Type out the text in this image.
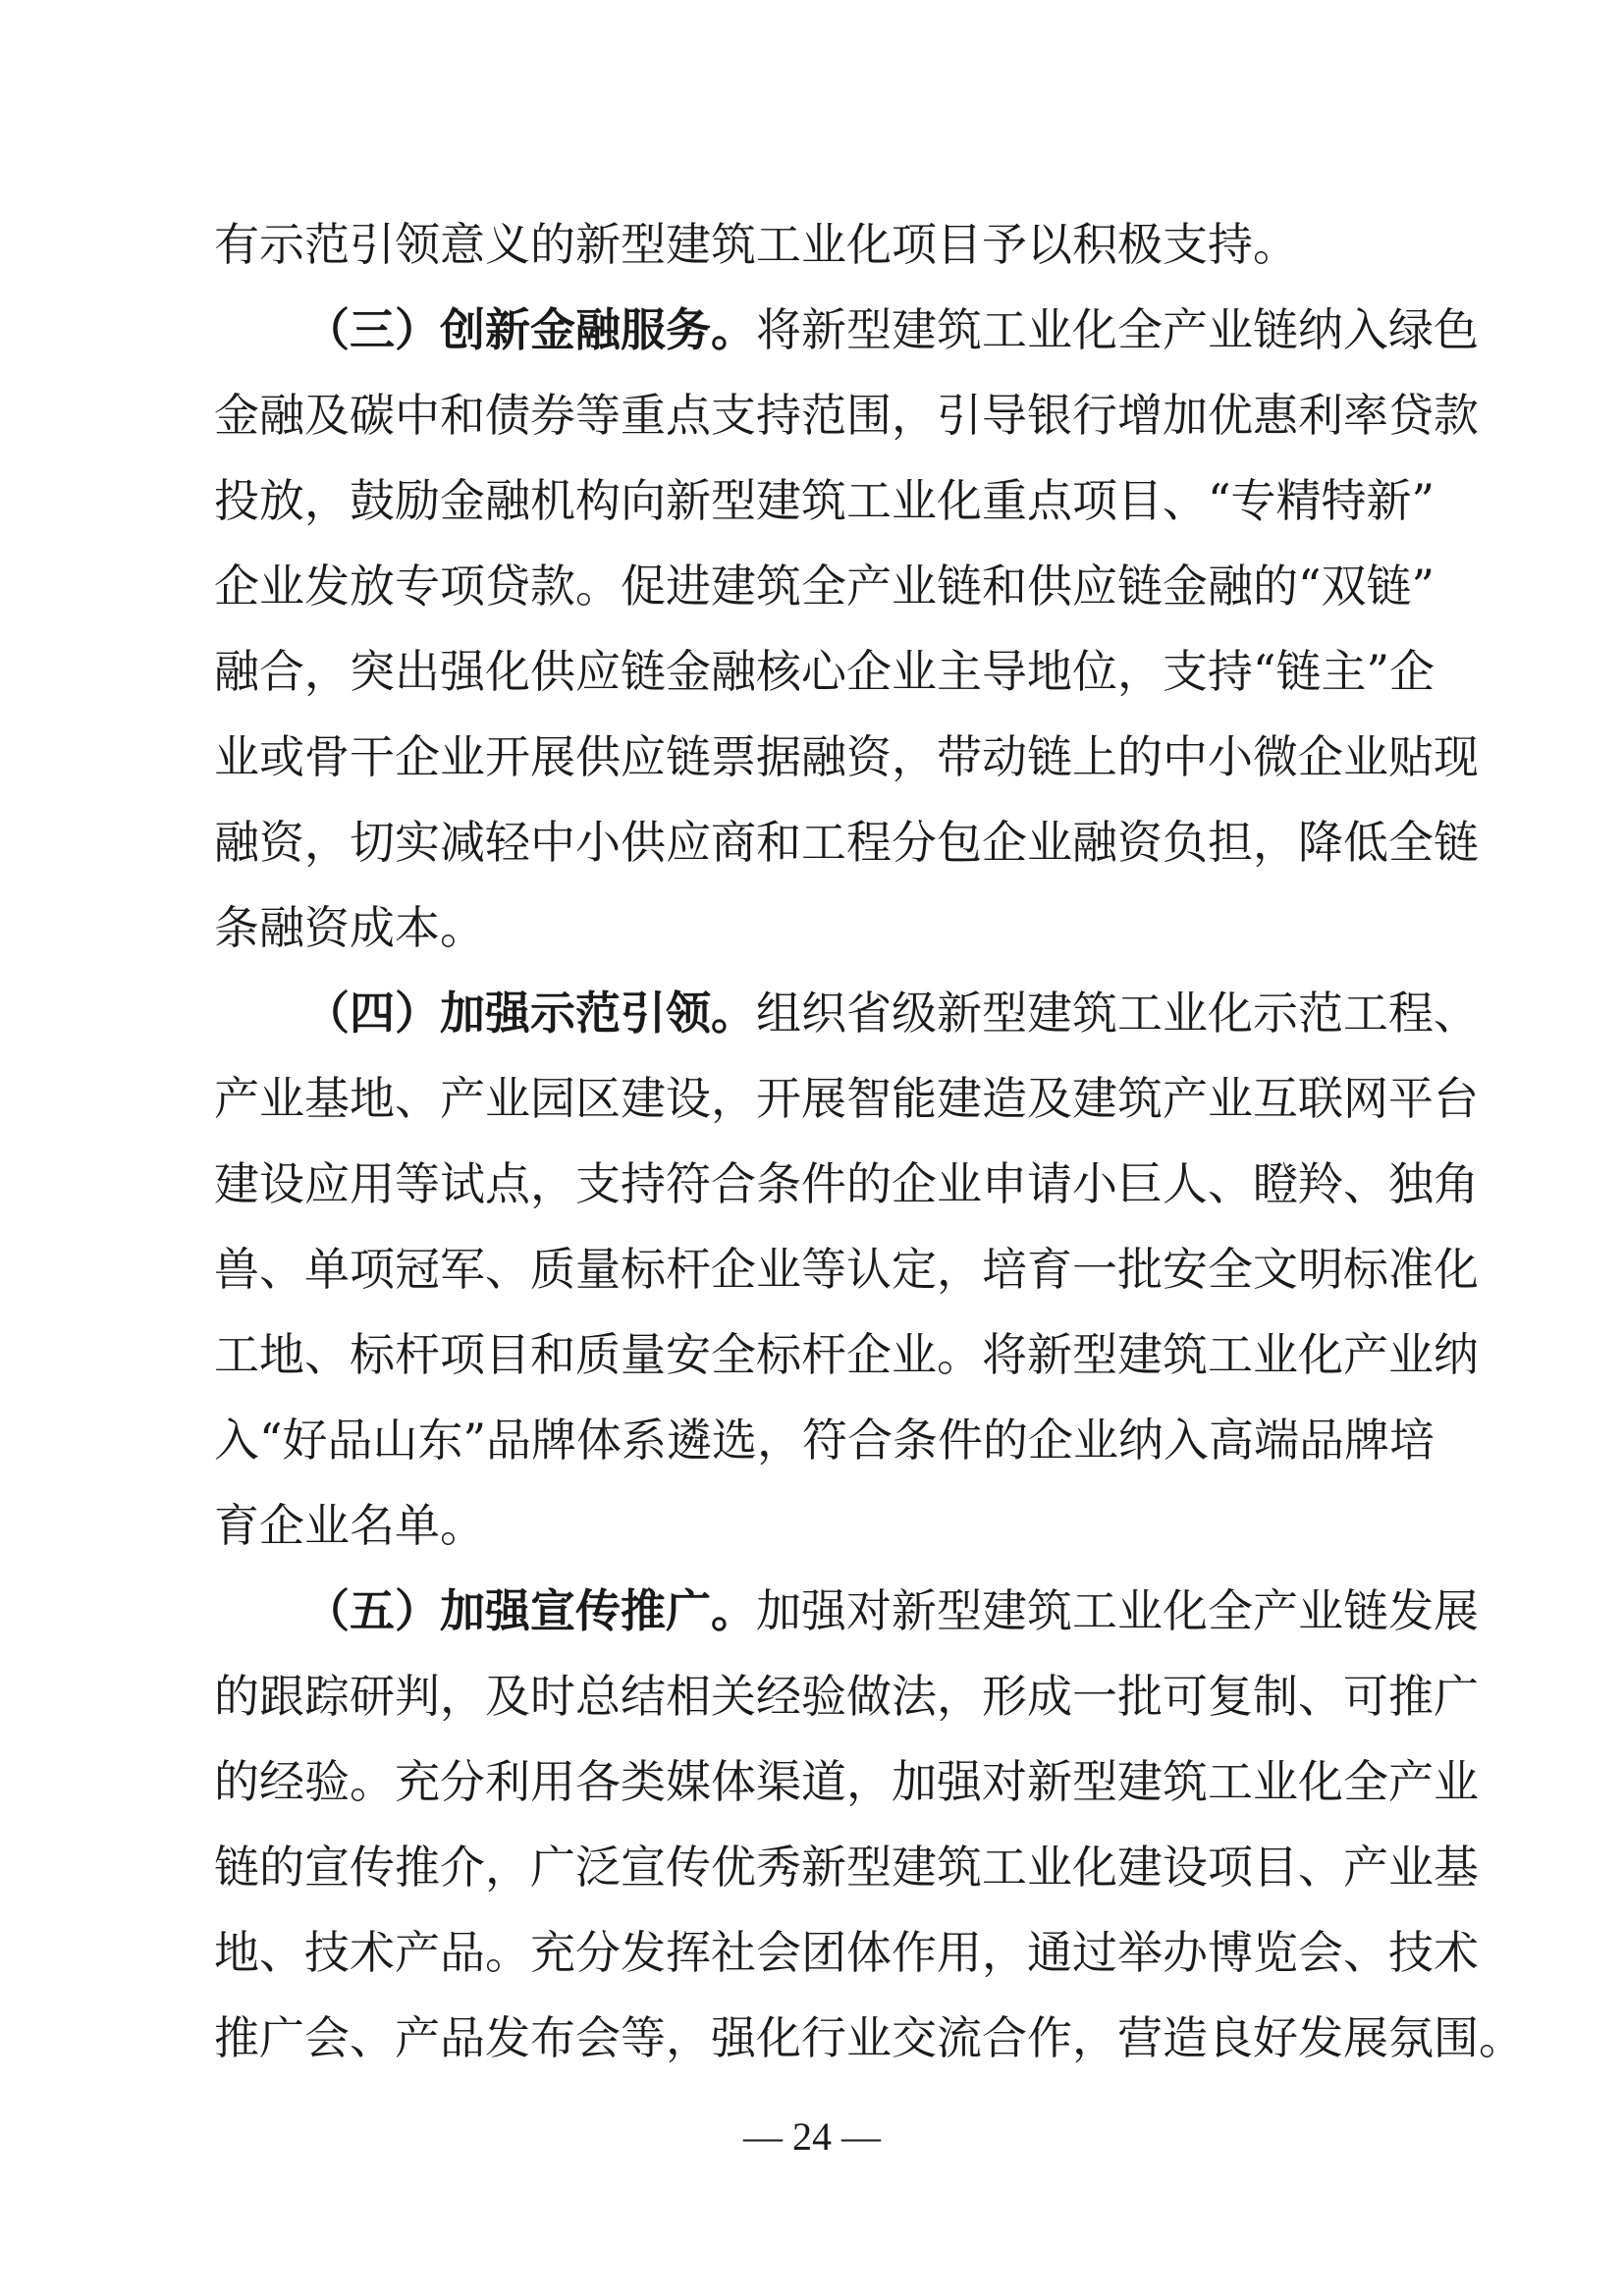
有示范引领意义的新型建筑工业化项目予以积极支持。
（三）创新金融服务。将新型建筑工业化全产业链纳入绿色
金融及碳中和债券等重点支持范围，引导银行增加优惠利率贷款
投放，鼓励金融机构向新型建筑工业化重点项目、“专精特新”
企业发放专项贷款。促进建筑全产业链和供应链金融的“双链”
融合，突出强化供应链金融核心企业主导地位，支持“链主”企
业或骨干企业开展供应链票据融资，带动链上的中小微企业贴现
融资，切实减轻中小供应商和工程分包企业融资负担，降低全链
条融资成本。
（四）加强示范引领。组织省级新型建筑工业化示范工程、
产业基地、产业园区建设，开展智能建造及建筑产业互联网平台
建设应用等试点，支持符合条件的企业申请小巨人、瞪羚、独角
兽、单项冠军、质量标杆企业等认定，培育一批安全文明标准化
工地、标杆项目和质量安全标杆企业。将新型建筑工业化产业纳
入“好品山东”品牌体系遴选，符合条件的企业纳入高端品牌培
育企业名单。
（五）加强宣传推广。加强对新型建筑工业化全产业链发展
的跟踪研判，及时总结相关经验做法，形成一批可复制、可推广
的经验。充分利用各类媒体渠道，加强对新型建筑工业化全产业
链的宣传推介，广泛宣传优秀新型建筑工业化建设项目、产业基
地、技术产品。充分发挥社会团体作用，通过举办博览会、技术
推广会、产品发布会等，强化行业交流合作，营造良好发展氛围。
— 24 —
